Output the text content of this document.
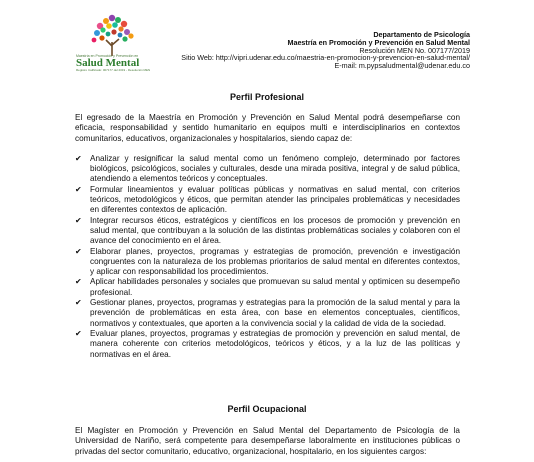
Maestría en Promoción y Prevención en
Salud Mental
Registro Calificado: 007177 del 2019 - Resolución MEN
Departamento de Psicología
Maestría en Promoción y Prevención en Salud Mental
Resolución MEN No. 007177/2019
Sitio Web: http://vipri.udenar.edu.co/maestria-en-promocion-y-prevencion-en-salud-mental/
E-mail: m.pypsaludmental@udenar.edu.co
Perfil Profesional
El egresado de la Maestría en Promoción y Prevención en Salud Mental podrá desempeñarse con eficacia, responsabilidad y sentido humanitario en equipos multi e interdisciplinarios en contextos comunitarios, educativos, organizacionales y hospitalarios, siendo capaz de:
✔	Analizar y resignificar la salud mental como un fenómeno complejo, determinado por factores biológicos, psicológicos, sociales y culturales, desde una mirada positiva, integral y de salud pública, atendiendo a elementos teóricos y conceptuales.
✔	Formular lineamientos y evaluar políticas públicas y normativas en salud mental, con criterios teóricos, metodológicos y éticos, que permitan atender las principales problemáticas y necesidades en diferentes contextos de aplicación.
✔	Integrar recursos éticos, estratégicos y científicos en los procesos de promoción y prevención en salud mental, que contribuyan a la solución de las distintas problemáticas sociales y colaboren con el avance del conocimiento en el área.
✔	Elaborar planes, proyectos, programas y estrategias de promoción, prevención e investigación congruentes con la naturaleza de los problemas prioritarios de salud mental en diferentes contextos, y aplicar con responsabilidad los procedimientos.
✔	Aplicar habilidades personales y sociales que promuevan su salud mental y optimicen su desempeño profesional.
✔	Gestionar planes, proyectos, programas y estrategias para la promoción de la salud mental y para la prevención de problemáticas en esta área, con base en elementos conceptuales, científicos, normativos y contextuales, que aporten a la convivencia social y la calidad de vida de la sociedad.
✔	Evaluar planes, proyectos, programas y estrategias de promoción y prevención en salud mental, de manera coherente con criterios metodológicos, teóricos y éticos, y a la luz de las políticas y normativas en el área.
Perfil Ocupacional
El Magíster en Promoción y Prevención en Salud Mental del Departamento de Psicología de la Universidad de Nariño, será competente para desempeñarse laboralmente en instituciones públicas o privadas del sector comunitario, educativo, organizacional, hospitalario, en los siguientes cargos:
